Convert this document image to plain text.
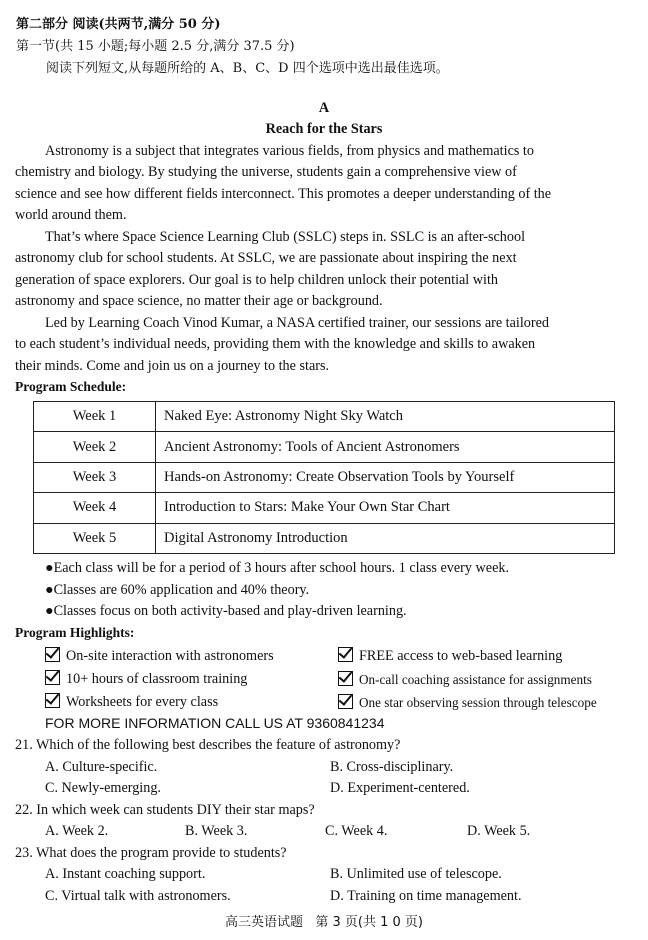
第二部分 阅读(共两节,满分 50 分)
第一节(共 15 小题;每小题 2.5 分,满分 37.5 分)
阅读下列短文,从每题所给的 A、B、C、D 四个选项中选出最佳选项。
A
Reach for the Stars
Astronomy is a subject that integrates various fields, from physics and mathematics to
chemistry and biology. By studying the universe, students gain a comprehensive view of
science and see how different fields interconnect. This promotes a deeper understanding of the
world around them.
That’s where Space Science Learning Club (SSLC) steps in. SSLC is an after-school
astronomy club for school students. At SSLC, we are passionate about inspiring the next
generation of space explorers. Our goal is to help children unlock their potential with
astronomy and space science, no matter their age or background.
Led by Learning Coach Vinod Kumar, a NASA certified trainer, our sessions are tailored
to each student’s individual needs, providing them with the knowledge and skills to awaken
their minds. Come and join us on a journey to the stars.
Program Schedule:
Week 1	Naked Eye: Astronomy Night Sky Watch
Week 2	Ancient Astronomy: Tools of Ancient Astronomers
Week 3	Hands-on Astronomy: Create Observation Tools by Yourself
Week 4	Introduction to Stars: Make Your Own Star Chart
Week 5	Digital Astronomy Introduction
● Each class will be for a period of 3 hours after school hours. 1 class every week.
● Classes are 60% application and 40% theory.
● Classes focus on both activity-based and play-driven learning.
Program Highlights:
On-site interaction with astronomers	FREE access to web-based learning
10+ hours of classroom training	On-call coaching assistance for assignments
Worksheets for every class	One star observing session through telescope
FOR MORE INFORMATION CALL US AT 9360841234
21. Which of the following best describes the feature of astronomy?
A. Culture-specific.	B. Cross-disciplinary.
C. Newly-emerging.	D. Experiment-centered.
22. In which week can students DIY their star maps?
A. Week 2.	B. Week 3.	C. Week 4.	D. Week 5.
23. What does the program provide to students?
A. Instant coaching support.	B. Unlimited use of telescope.
C. Virtual talk with astronomers.	D. Training on time management.
高三英语试题   第 3 页(共 1 0 页)
